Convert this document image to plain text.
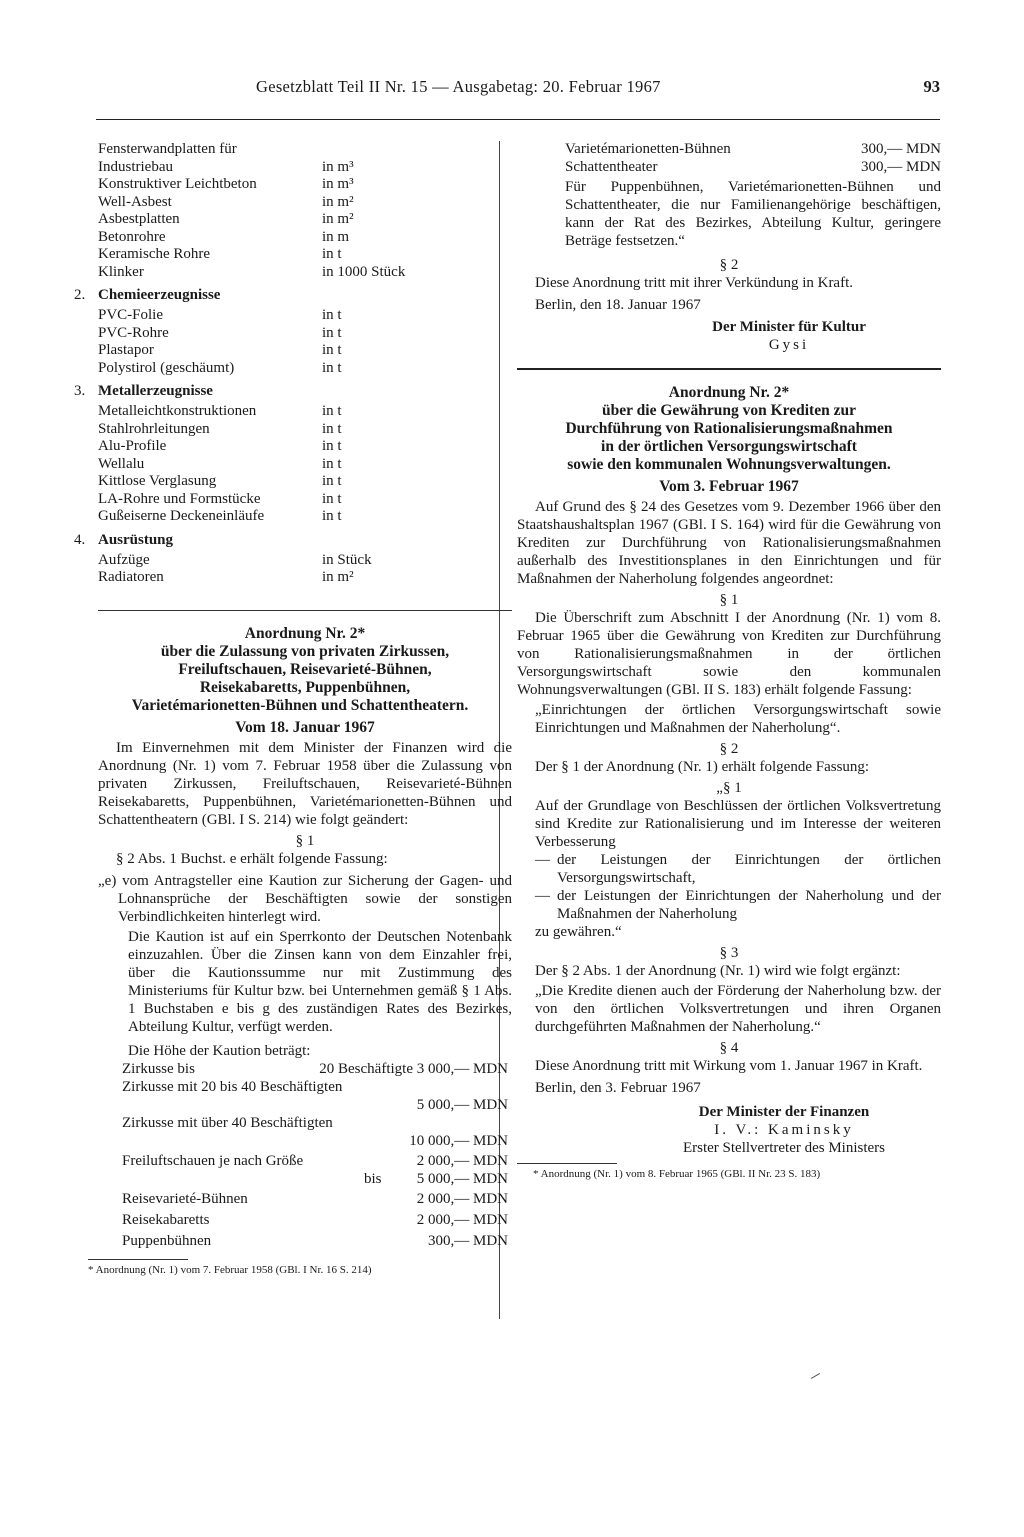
Gesetzblatt Teil II Nr. 15 — Ausgabetag: 20. Februar 1967	93
Fensterwandplatten für
Industriebau	in m³
Konstruktiver Leichtbeton	in m³
Well-Asbest	in m²
Asbestplatten	in m²
Betonrohre	in m
Keramische Rohre	in t
Klinker	in 1000 Stück
2. Chemieerzeugnisse
PVC-Folie	in t
PVC-Rohre	in t
Plastapor	in t
Polystirol (geschäumt)	in t
3. Metallerzeugnisse
Metalleichtkonstruktionen	in t
Stahlrohrleitungen	in t
Alu-Profile	in t
Wellalu	in t
Kittlose Verglasung	in t
LA-Rohre und Formstücke	in t
Gußeiserne Deckeneinläufe	in t
4. Ausrüstung
Aufzüge	in Stück
Radiatoren	in m²
Anordnung Nr. 2*
über die Zulassung von privaten Zirkussen,
Freiluftschauen, Reisevarieté-Bühnen,
Reisekabaretts, Puppenbühnen,
Varietémarionetten-Bühnen und Schattentheatern.
Vom 18. Januar 1967
Im Einvernehmen mit dem Minister der Finanzen wird die Anordnung (Nr. 1) vom 7. Februar 1958 über die Zulassung von privaten Zirkussen, Freiluftschauen, Reisevarieté-Bühnen Reisekabaretts, Puppenbühnen, Varietémarionetten-Bühnen und Schattentheatern (GBl. I S. 214) wie folgt geändert:
§ 1
§ 2 Abs. 1 Buchst. e erhält folgende Fassung:
„e) vom Antragsteller eine Kaution zur Sicherung der Gagen- und Lohnansprüche der Beschäftigten sowie der sonstigen Verbindlichkeiten hinterlegt wird.
Die Kaution ist auf ein Sperrkonto der Deutschen Notenbank einzuzahlen. Über die Zinsen kann von dem Einzahler frei, über die Kautionssumme nur mit Zustimmung des Ministeriums für Kultur bzw. bei Unternehmen gemäß § 1 Abs. 1 Buchstaben e bis g des zuständigen Rates des Bezirkes, Abteilung Kultur, verfügt werden.
Die Höhe der Kaution beträgt:
Zirkusse bis	20 Beschäftigte 3 000,— MDN
Zirkusse mit 20 bis 40 Beschäftigten
5 000,— MDN
Zirkusse mit über 40 Beschäftigten
10 000,— MDN
Freiluftschauen je nach Größe	2 000,— MDN
bis 5 000,— MDN
Reisevarieté-Bühnen	2 000,— MDN
Reisekabaretts	2 000,— MDN
Puppenbühnen	300,— MDN
* Anordnung (Nr. 1) vom 7. Februar 1958 (GBl. I Nr. 16 S. 214)
Varietémarionetten-Bühnen	300,— MDN
Schattentheater	300,— MDN
Für Puppenbühnen, Varietémarionetten-Bühnen und Schattentheater, die nur Familienangehörige beschäftigen, kann der Rat des Bezirkes, Abteilung Kultur, geringere Beträge festsetzen.“
§ 2
Diese Anordnung tritt mit ihrer Verkündung in Kraft.
Berlin, den 18. Januar 1967
Der Minister für Kultur
Gysi
Anordnung Nr. 2*
über die Gewährung von Krediten zur
Durchführung von Rationalisierungsmaßnahmen
in der örtlichen Versorgungswirtschaft
sowie den kommunalen Wohnungsverwaltungen.
Vom 3. Februar 1967
Auf Grund des § 24 des Gesetzes vom 9. Dezember 1966 über den Staatshaushaltsplan 1967 (GBl. I S. 164) wird für die Gewährung von Krediten zur Durchführung von Rationalisierungsmaßnahmen außerhalb des Investitionsplanes in den Einrichtungen und für Maßnahmen der Naherholung folgendes angeordnet:
§ 1
Die Überschrift zum Abschnitt I der Anordnung (Nr. 1) vom 8. Februar 1965 über die Gewährung von Krediten zur Durchführung von Rationalisierungsmaßnahmen in der örtlichen Versorgungswirtschaft sowie den kommunalen Wohnungsverwaltungen (GBl. II S. 183) erhält folgende Fassung:
„Einrichtungen der örtlichen Versorgungswirtschaft sowie Einrichtungen und Maßnahmen der Naherholung“.
§ 2
Der § 1 der Anordnung (Nr. 1) erhält folgende Fassung:
„§ 1
Auf der Grundlage von Beschlüssen der örtlichen Volksvertretung sind Kredite zur Rationalisierung und im Interesse der weiteren Verbesserung
— der Leistungen der Einrichtungen der örtlichen Versorgungswirtschaft,
— der Leistungen der Einrichtungen der Naherholung und der Maßnahmen der Naherholung
zu gewähren.“
§ 3
Der § 2 Abs. 1 der Anordnung (Nr. 1) wird wie folgt ergänzt:
„Die Kredite dienen auch der Förderung der Naherholung bzw. der von den örtlichen Volksvertretungen und ihren Organen durchgeführten Maßnahmen der Naherholung.“
§ 4
Diese Anordnung tritt mit Wirkung vom 1. Januar 1967 in Kraft.
Berlin, den 3. Februar 1967
Der Minister der Finanzen
I. V.: Kaminsky
Erster Stellvertreter des Ministers
* Anordnung (Nr. 1) vom 8. Februar 1965 (GBl. II Nr. 23 S. 183)
